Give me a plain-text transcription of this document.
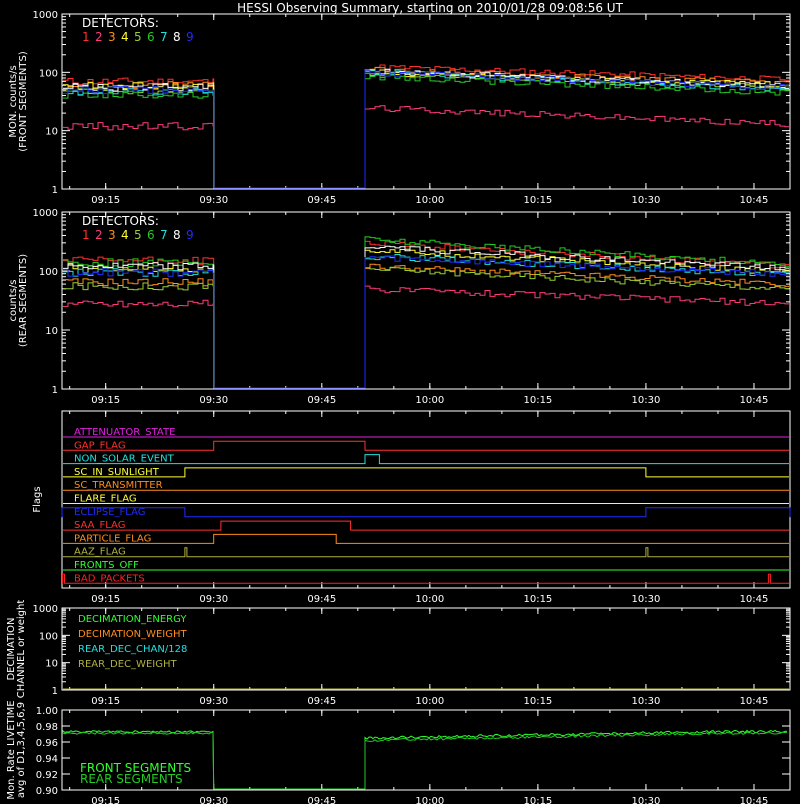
HESSI Observing Summary, starting on 2010/01/28 09:08:56 UT
09:15	09:30	09:45	10:00	10:15	10:30	10:45
1
10
100
1000
MON. counts/s (FRONT SEGMENTS)
DETECTORS:
1 2 3 4 5 6 7 8 9
09:15	09:30	09:45	10:00	10:15	10:30	10:45
1
10
100
1000
counts/s (REAR SEGMENTS)
DETECTORS:
1 2 3 4 5 6 7 8 9
09:15	09:30	09:45	10:00	10:15	10:30	10:45
Flags
ATTENUATOR_STATE
GAP_FLAG
NON_SOLAR_EVENT
SC_IN_SUNLIGHT
SC_TRANSMITTER
FLARE_FLAG
ECLIPSE_FLAG
SAA_FLAG
PARTICLE_FLAG
AAZ_FLAG
FRONTS_OFF
BAD_PACKETS
09:15	09:30	09:45	10:00	10:15	10:30	10:45
1
10
100
1000
DECIMATION CHANNEL or weight	DECIMATION_ENERGY
DECIMATION_WEIGHT
REAR_DEC_CHAN/128
REAR_DEC_WEIGHT
09:15	09:30	09:45	10:00	10:15	10:30	10:45
Mon. Rate LIVETIME avg of D1,3,4,5,6,9 0.90
0.92
0.94
0.96
0.98
1.00
FRONT SEGMENTS
REAR SEGMENTS
